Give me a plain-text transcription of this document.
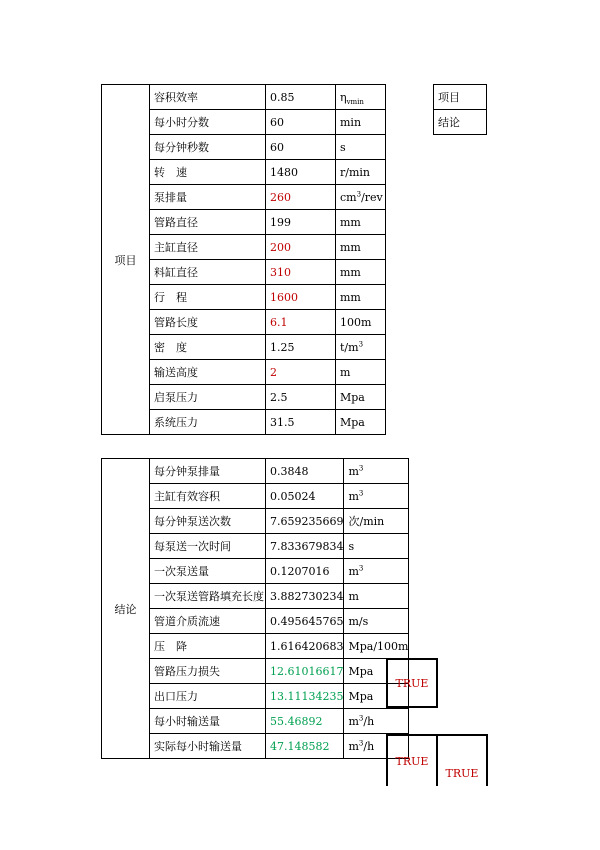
项目	容积效率	0.85	$\eta_{vmin}$
	每小时分数	60	min
	每分钟秒数	60	s
	转　速	1480	r/min
	泵排量	260	$cm^3$/rev
	管路直径	199	mm
	主缸直径	200	mm
	料缸直径	310	mm
	行　程	1600	mm
	管路长度	6.1	100m
	密　度	1.25	$t/m^3$
	输送高度	2	m
	启泵压力	2.5	Mpa
	系统压力	31.5	Mpa
项目
结论
结论	每分钟泵排量	0.3848	$m^3$
	主缸有效容积	0.05024	$m^3$
	每分钟泵送次数	7.659235669	次/min
	每泵送一次时间	7.833679834	s
	一次泵送量	0.1207016	$m^3$
	一次泵送管路填充长度	3.882730234	m
	管道介质流速	0.495645765	m/s
	压　降	1.616420683	Mpa/100m
	管路压力损失	12.61016617	Mpa
	出口压力	13.11134235	Mpa
	每小时输送量	55.46892	$m^3/h$
	实际每小时输送量	47.148582	$m^3/h$
TRUE
TRUE
TRUE
